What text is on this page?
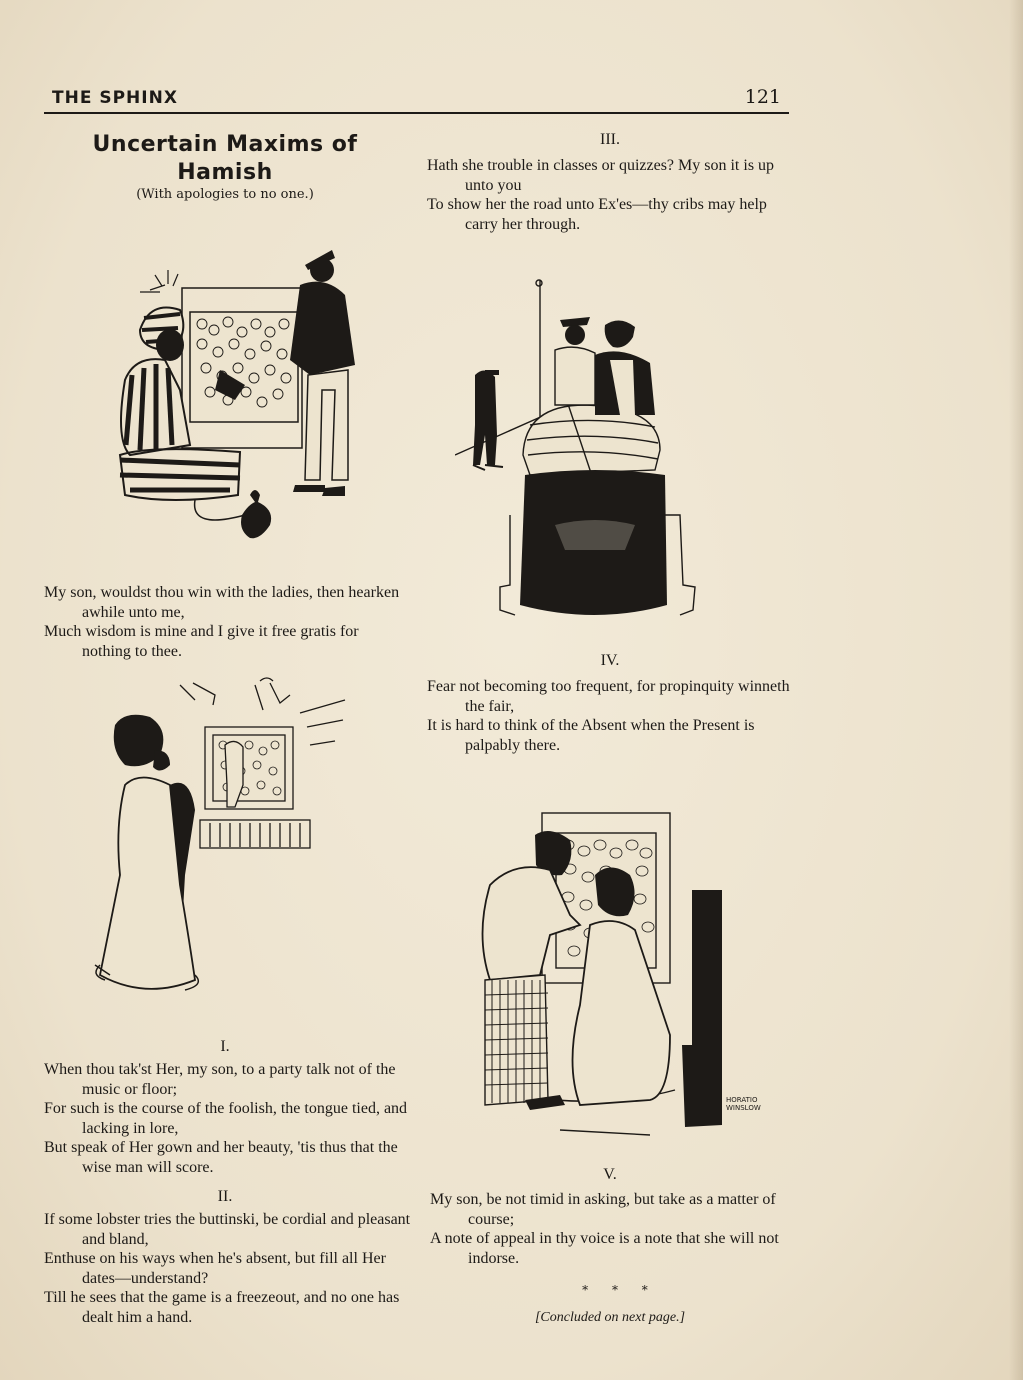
THE SPHINX	121
Uncertain Maxims of
Hamish
(With apologies to no one.)
My son, wouldst thou win with the ladies, then hearken awhile unto me,
Much wisdom is mine and I give it free gratis for nothing to thee.
I.
When thou tak'st Her, my son, to a party talk not of the music or floor;
For such is the course of the foolish, the tongue tied, and lacking in lore,
But speak of Her gown and her beauty, 'tis thus that the wise man will score.
II.
If some lobster tries the buttinski, be cordial and pleasant and bland,
Enthuse on his ways when he's absent, but fill all Her dates—understand?
Till he sees that the game is a freezeout, and no one has dealt him a hand.
III.
Hath she trouble in classes or quizzes? My son it is up unto you
To show her the road unto Ex'es—thy cribs may help carry her through.
IV.
Fear not becoming too frequent, for propinquity winneth the fair,
It is hard to think of the Absent when the Present is palpably there.
HORATIO
WINSLOW
V.
My son, be not timid in asking, but take as a matter of course;
A note of appeal in thy voice is a note that she will not indorse.
* * *
[Concluded on next page.]
